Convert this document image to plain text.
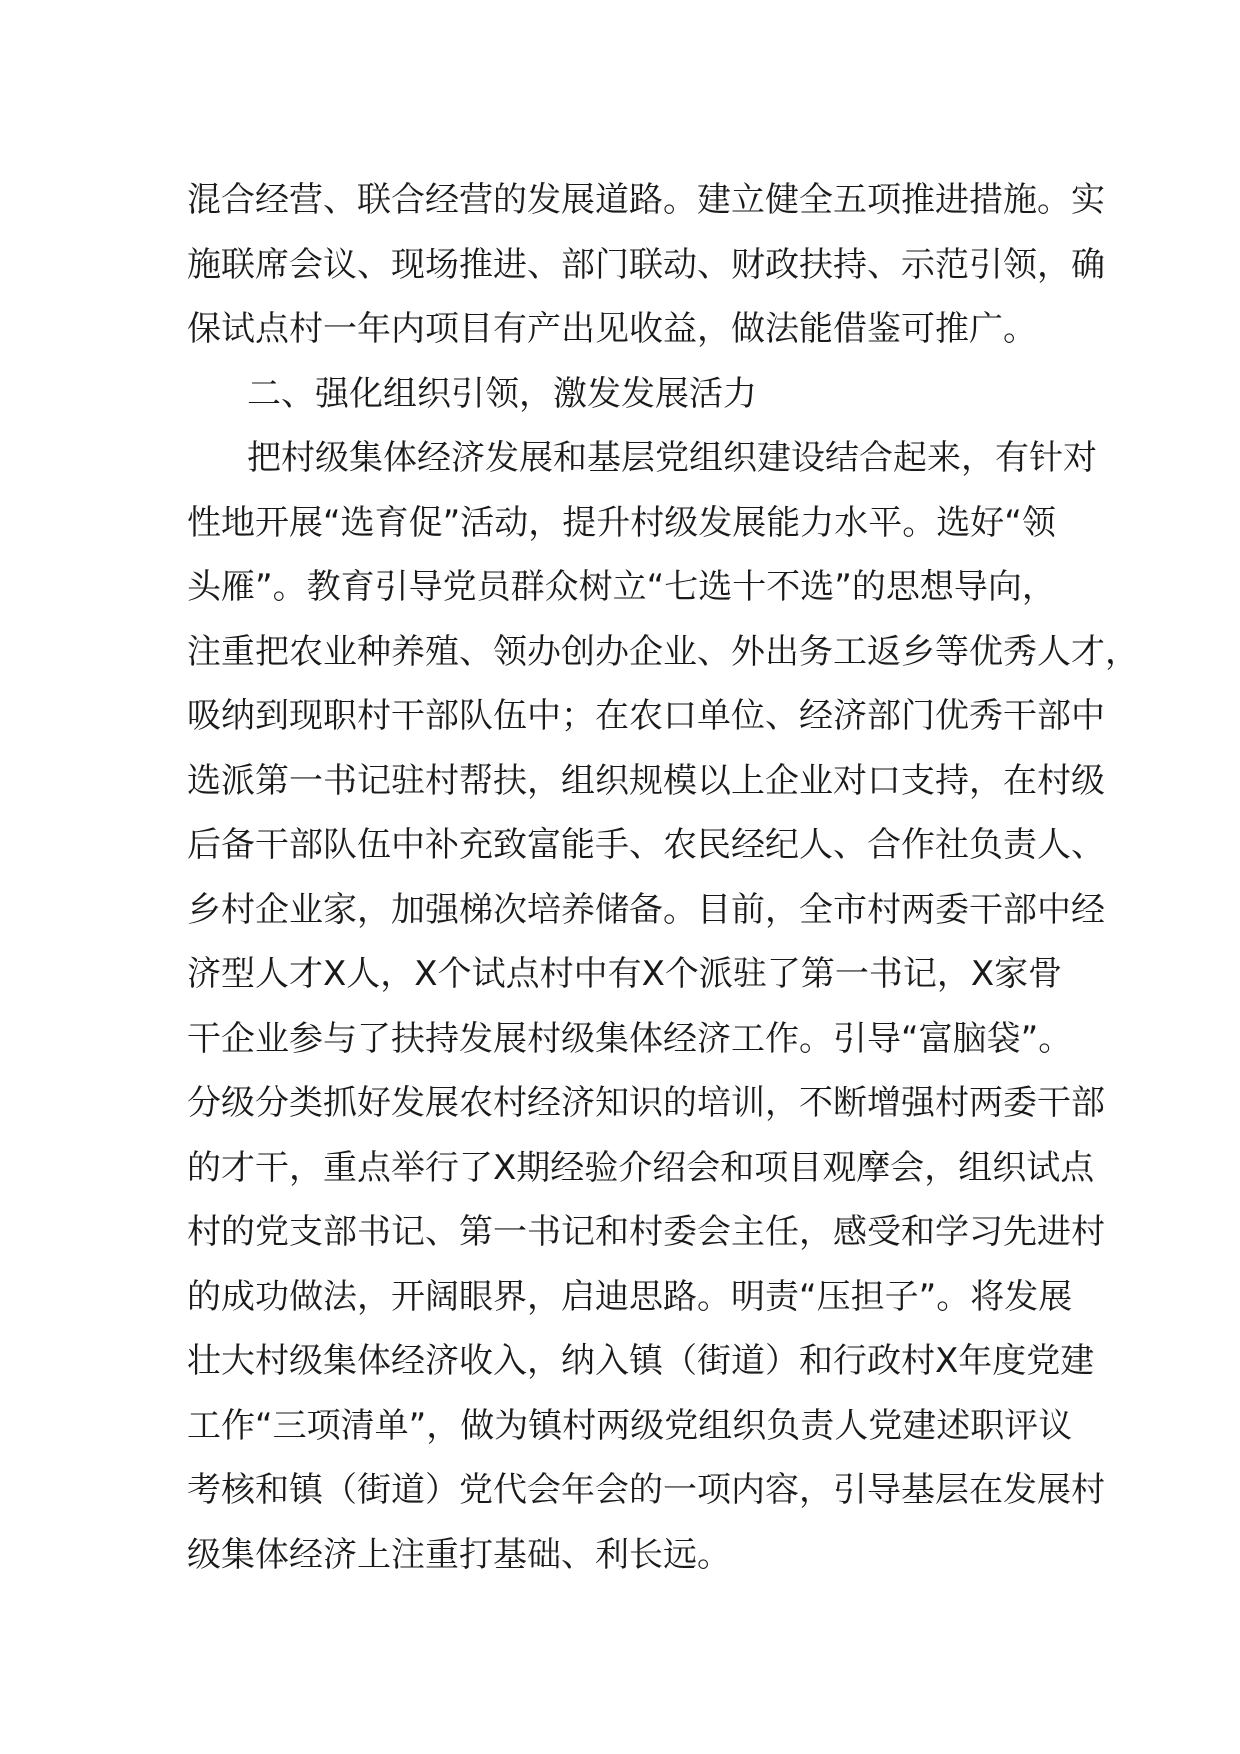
混合经营、联合经营的发展道路。建立健全五项推进措施。实
施联席会议、现场推进、部门联动、财政扶持、示范引领，确
保试点村一年内项目有产出见收益，做法能借鉴可推广。
二、强化组织引领，激发发展活力
把村级集体经济发展和基层党组织建设结合起来，有针对
性地开展“选育促”活动，提升村级发展能力水平。选好“领
头雁”。教育引导党员群众树立“七选十不选”的思想导向，
注重把农业种养殖、领办创办企业、外出务工返乡等优秀人才，
吸纳到现职村干部队伍中；在农口单位、经济部门优秀干部中
选派第一书记驻村帮扶，组织规模以上企业对口支持，在村级
后备干部队伍中补充致富能手、农民经纪人、合作社负责人、
乡村企业家，加强梯次培养储备。目前，全市村两委干部中经
济型人才X人，X个试点村中有X个派驻了第一书记，X家骨
干企业参与了扶持发展村级集体经济工作。引导“富脑袋”。
分级分类抓好发展农村经济知识的培训，不断增强村两委干部
的才干，重点举行了X期经验介绍会和项目观摩会，组织试点
村的党支部书记、第一书记和村委会主任，感受和学习先进村
的成功做法，开阔眼界，启迪思路。明责“压担子”。将发展
壮大村级集体经济收入，纳入镇（街道）和行政村X年度党建
工作“三项清单”，做为镇村两级党组织负责人党建述职评议
考核和镇（街道）党代会年会的一项内容，引导基层在发展村
级集体经济上注重打基础、利长远。
